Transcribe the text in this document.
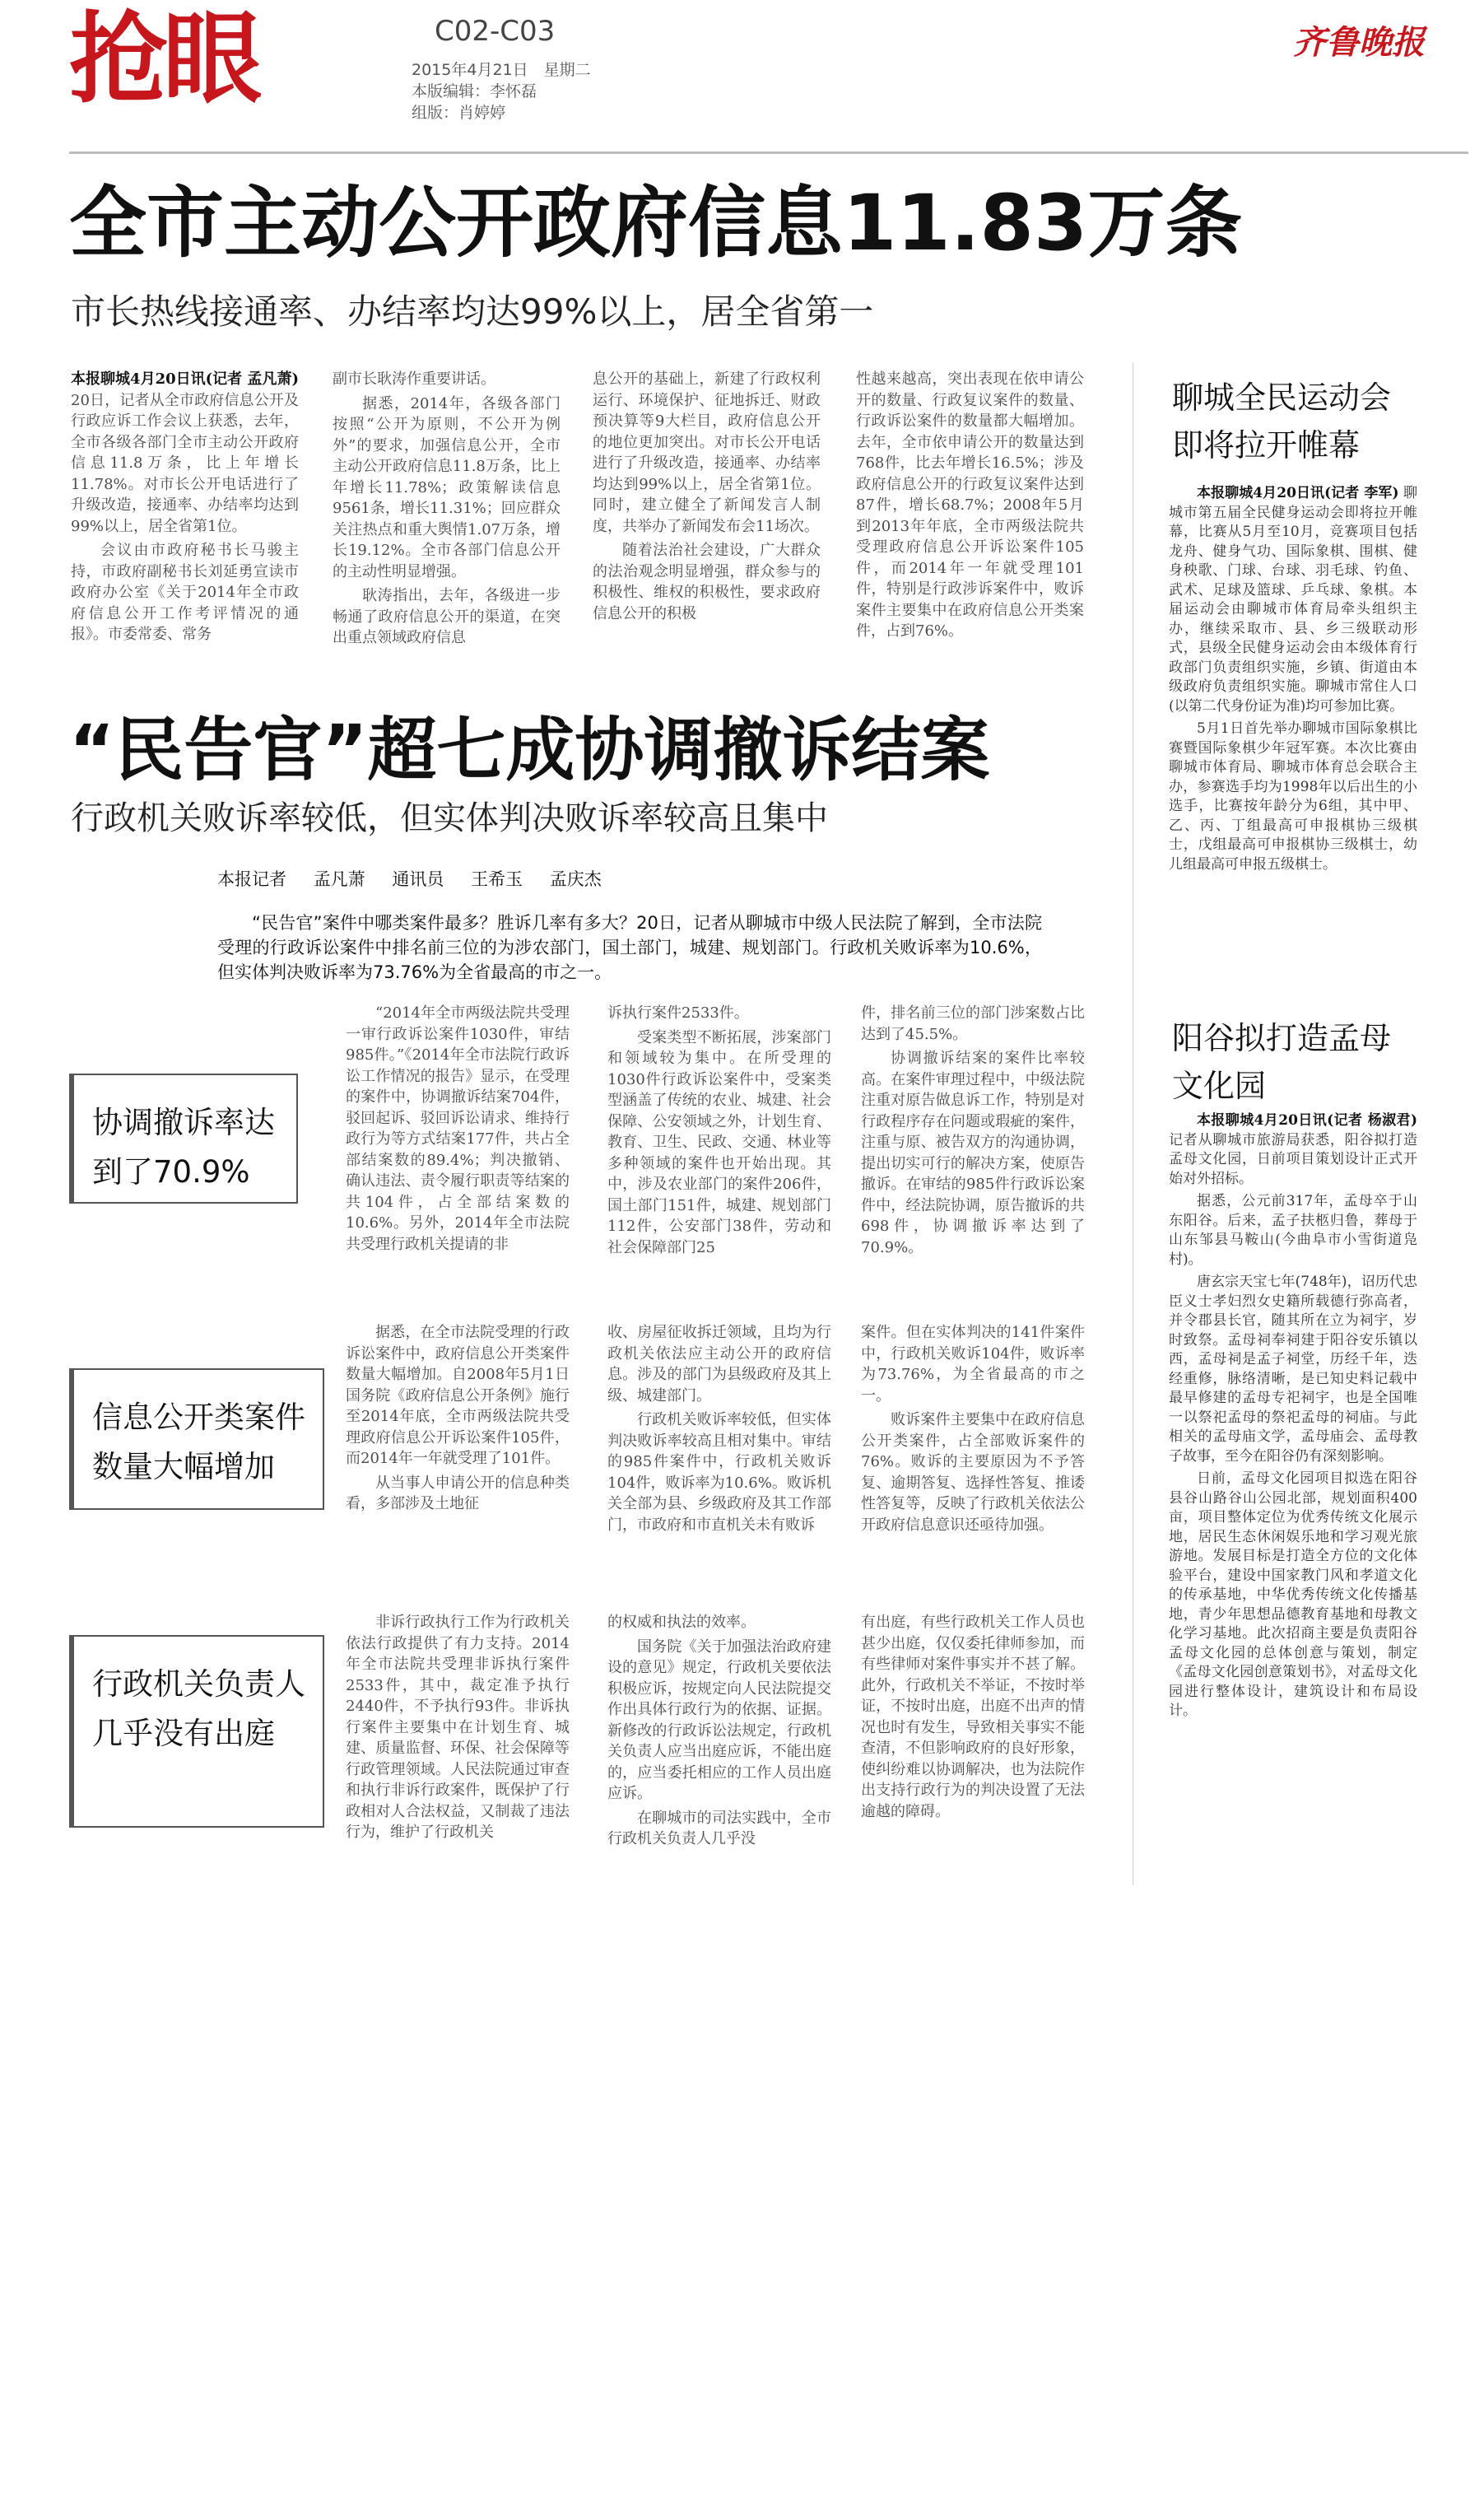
抢眼	C02-C03
2015年4月21日　星期二
本版编辑：李怀磊
组版：肖婷婷
齐鲁晚报
全市主动公开政府信息11.83万条
市长热线接通率、办结率均达99%以上，居全省第一

本报聊城4月20日讯(记者 孟凡萧) 20日，记者从全市政府信息公开及行政应诉工作会议上获悉，去年，全市各级各部门全市主动公开政府信息11.8万条，比上年增长11.78%。对市长公开电话进行了升级改造，接通率、办结率均达到99%以上，居全省第1位。

会议由市政府秘书长马骏主持，市政府副秘书长刘延勇宣读市政府办公室《关于2014年全市政府信息公开工作考评情况的通报》。市委常委、常务

副市长耿涛作重要讲话。

据悉，2014年，各级各部门按照“公开为原则，不公开为例外”的要求，加强信息公开，全市主动公开政府信息11.8万条，比上年增长11.78%；政策解读信息9561条，增长11.31%；回应群众关注热点和重大舆情1.07万条，增长19.12%。全市各部门信息公开的主动性明显增强。

耿涛指出，去年，各级进一步畅通了政府信息公开的渠道，在突出重点领域政府信息

息公开的基础上，新建了行政权利运行、环境保护、征地拆迁、财政预决算等9大栏目，政府信息公开的地位更加突出。对市长公开电话进行了升级改造，接通率、办结率均达到99%以上，居全省第1位。同时，建立健全了新闻发言人制度，共举办了新闻发布会11场次。

随着法治社会建设，广大群众的法治观念明显增强，群众参与的积极性、维权的积极性，要求政府信息公开的积极

性越来越高，突出表现在依申请公开的数量、行政复议案件的数量、行政诉讼案件的数量都大幅增加。去年，全市依申请公开的数量达到768件，比去年增长16.5%；涉及政府信息公开的行政复议案件达到87件，增长68.7%；2008年5月到2013年年底，全市两级法院共受理政府信息公开诉讼案件105件，而2014年一年就受理101件，特别是行政涉诉案件中，败诉案件主要集中在政府信息公开类案件，占到76%。

“民告官”超七成协调撤诉结案
行政机关败诉率较低，但实体判决败诉率较高且集中
本报记者 孟凡萧 通讯员 王希玉 孟庆杰

“民告官”案件中哪类案件最多？胜诉几率有多大？20日，记者从聊城市中级人民法院了解到，全市法院受理的行政诉讼案件中排名前三位的为涉农部门，国土部门，城建、规划部门。行政机关败诉率为10.6%，但实体判决败诉率为73.76%为全省最高的市之一。

协调撤诉率达到了70.9%

“2014年全市两级法院共受理一审行政诉讼案件1030件，审结985件。”《2014年全市法院行政诉讼工作情况的报告》显示，在受理的案件中，协调撤诉结案704件，驳回起诉、驳回诉讼请求、维持行政行为等方式结案177件，共占全部结案数的89.4%；判决撤销、确认违法、责令履行职责等结案的共104件，占全部结案数的10.6%。另外，2014年全市法院共受理行政机关提请的非

诉执行案件2533件。

受案类型不断拓展，涉案部门和领域较为集中。在所受理的1030件行政诉讼案件中，受案类型涵盖了传统的农业、城建、社会保障、公安领域之外，计划生育、教育、卫生、民政、交通、林业等多种领域的案件也开始出现。其中，涉及农业部门的案件206件，国土部门151件，城建、规划部门112件，公安部门38件，劳动和社会保障部门25

件，排名前三位的部门涉案数占比达到了45.5%。

协调撤诉结案的案件比率较高。在案件审理过程中，中级法院注重对原告做息诉工作，特别是对行政程序存在问题或瑕疵的案件，注重与原、被告双方的沟通协调，提出切实可行的解决方案，使原告撤诉。在审结的985件行政诉讼案件中，经法院协调，原告撤诉的共698件，协调撤诉率达到了70.9%。

信息公开类案件数量大幅增加

据悉，在全市法院受理的行政诉讼案件中，政府信息公开类案件数量大幅增加。自2008年5月1日国务院《政府信息公开条例》施行至2014年底，全市两级法院共受理政府信息公开诉讼案件105件，而2014年一年就受理了101件。

从当事人申请公开的信息种类看，多部涉及土地征

收、房屋征收拆迁领域，且均为行政机关依法应主动公开的政府信息。涉及的部门为县级政府及其上级、城建部门。

行政机关败诉率较低，但实体判决败诉率较高且相对集中。审结的985件案件中，行政机关败诉104件，败诉率为10.6%。败诉机关全部为县、乡级政府及其工作部门，市政府和市直机关未有败诉

案件。但在实体判决的141件案件中，行政机关败诉104件，败诉率为73.76%，为全省最高的市之一。

败诉案件主要集中在政府信息公开类案件，占全部败诉案件的76%。败诉的主要原因为不予答复、逾期答复、选择性答复、推诿性答复等，反映了行政机关依法公开政府信息意识还亟待加强。

行政机关负责人几乎没有出庭

非诉行政执行工作为行政机关依法行政提供了有力支持。2014年全市法院共受理非诉执行案件2533件，其中，裁定准予执行2440件，不予执行93件。非诉执行案件主要集中在计划生育、城建、质量监督、环保、社会保障等行政管理领域。人民法院通过审查和执行非诉行政案件，既保护了行政相对人合法权益，又制裁了违法行为，维护了行政机关

的权威和执法的效率。

国务院《关于加强法治政府建设的意见》规定，行政机关要依法积极应诉，按规定向人民法院提交作出具体行政行为的依据、证据。新修改的行政诉讼法规定，行政机关负责人应当出庭应诉，不能出庭的，应当委托相应的工作人员出庭应诉。

在聊城市的司法实践中，全市行政机关负责人几乎没

有出庭，有些行政机关工作人员也甚少出庭，仅仅委托律师参加，而有些律师对案件事实并不甚了解。此外，行政机关不举证，不按时举证，不按时出庭，出庭不出声的情况也时有发生，导致相关事实不能查清，不但影响政府的良好形象，使纠纷难以协调解决，也为法院作出支持行政行为的判决设置了无法逾越的障碍。

聊城全民运动会即将拉开帷幕

本报聊城4月20日讯(记者 李军) 聊城市第五届全民健身运动会即将拉开帷幕，比赛从5月至10月，竞赛项目包括龙舟、健身气功、国际象棋、围棋、健身秧歌、门球、台球、羽毛球、钓鱼、武术、足球及篮球、乒乓球、象棋。本届运动会由聊城市体育局牵头组织主办，继续采取市、县、乡三级联动形式，县级全民健身运动会由本级体育行政部门负责组织实施，乡镇、街道由本级政府负责组织实施。聊城市常住人口(以第二代身份证为准)均可参加比赛。

5月1日首先举办聊城市国际象棋比赛暨国际象棋少年冠军赛。本次比赛由聊城市体育局、聊城市体育总会联合主办，参赛选手均为1998年以后出生的小选手，比赛按年龄分为6组，其中甲、乙、丙、丁组最高可申报棋协三级棋士，戊组最高可申报棋协三级棋士，幼儿组最高可申报五级棋士。

阳谷拟打造孟母文化园

本报聊城4月20日讯(记者 杨淑君) 记者从聊城市旅游局获悉，阳谷拟打造孟母文化园，日前项目策划设计正式开始对外招标。

据悉，公元前317年，孟母卒于山东阳谷。后来，孟子扶柩归鲁，葬母于山东邹县马鞍山(今曲阜市小雪街道凫村)。

唐玄宗天宝七年(748年)，诏历代忠臣义士孝妇烈女史籍所载德行弥高者，并令郡县长官，随其所在立为祠宇，岁时致祭。孟母祠奉祠建于阳谷安乐镇以西，孟母祠是孟子祠堂，历经千年，迭经重修，脉络清晰，是已知史料记载中最早修建的孟母专祀祠宇，也是全国唯一以祭祀孟母的祭祀孟母的祠庙。与此相关的孟母庙文学，孟母庙会、孟母教子故事，至今在阳谷仍有深刻影响。

日前，孟母文化园项目拟选在阳谷县谷山路谷山公园北部，规划面积400亩，项目整体定位为优秀传统文化展示地，居民生态休闲娱乐地和学习观光旅游地。发展目标是打造全方位的文化体验平台，建设中国家教门风和孝道文化的传承基地，中华优秀传统文化传播基地，青少年思想品德教育基地和母教文化学习基地。此次招商主要是负责阳谷孟母文化园的总体创意与策划，制定《孟母文化园创意策划书》，对孟母文化园进行整体设计，建筑设计和布局设计。
